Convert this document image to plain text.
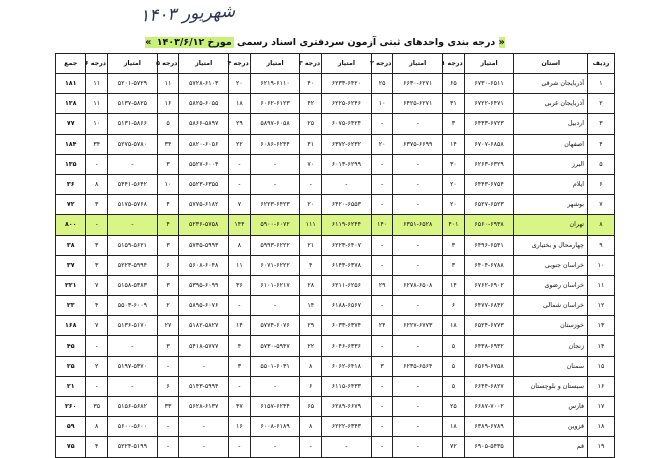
شهریور ۱۴۰۳
« درجه بندی واحدهای ثبتی آزمون سردفتری اسناد رسمی مورخ ۱۴۰۳/۶/۱۲ »
ردیف	استان	امتیاز	درجه ۱	امتیاز	درجه ۲	امتیاز	درجه ۳	امتیاز	درجه ۴	امتیاز	درجه ۵	امتیاز	درجه ۶	جمع
۱	آذربایجان شرقی	۶۷۳۰-۶۵۱۱	۶۵	۶۶۳۰-۶۲۷۱	۲۵	۶۲۳۳-۶۴۲۰	۴۰	۶۲۱۹-۶۱۱۰	۲۰	۵۷۲۸-۶۱۰۳	۱۱	۵۲۰۱-۵۷۲۹	۱۱	۱۸۱
۲	آذربایجان غربی	۶۷۲۲-۶۴۷۱	۳۱	۶۴۲۵-۶۲۷۱	۱۰	۶۲۲۵-۶۲۴۶	۴۲	۶۰۶۲-۶۱۲۳	۱۸	۵۸۲۵-۶۰۵۵	۱۶	۵۱۳۷-۵۸۲۵	۱۱	۱۲۸
۳	اردبیل	۶۴۳۳-۶۷۲۳	۳	-	-	۶۰۷۵-۶۴۲۴	۲۵	۵۸۹۷-۶۰۵۸	۲۹	۵۸۶۶-۵۸۹۷	۵	۵۱۳۱-۵۸۶۶	۱۰	۷۷
۴	اصفهان	۶۷۰۷-۶۸۵۸	۱۴	۶۳۷۵-۶۶۹۹	۲۰	۶۳۷۲-۶۲۳۲	۴۱	۶۰۸۶-۶۲۴۴	۲۲	۵۸۲۰-۶۰۵۶	۳۴	۵۲۷۵-۵۷۸۰	۳۴	۱۸۴
۵	البرز	۶۲۶۳-۶۳۲۹	۳۰	-	-	۶۰۱۳-۶۲۹۹	۷۰	-	-	۵۵۲۷-۶۰۰۴	۳	-	-	۱۳۵
۶	ایلام	۶۴۴۳-۶۷۵۴	۲۰	-	-	-	-	-	-	۵۵۲۳-۶۳۵۵	۱۰	۵۴۴۱-۵۶۴۲	۸	۳۶
۷	بوشهر	۶۵۲۷-۶۵۲۳	۲۰	-	-	۶۴۲۰-۶۵۵۳	۲۰	۶۲۲۳-۶۴۲۳	۷	۵۷۷۵-۶۱۸۲	۴	۵۱۷۵-۵۷۶۸	۳	۷۲
۸	تهران	۶۵۶۰-۶۹۳۸	۴۰۱	۶۳۵۱-۶۵۲۸	۱۴۰	۶۱۱۹-۶۲۴۴	۱۱۱	۵۹۰۰-۶۰۷۲	۱۴۴	۵۲۳۶-۵۷۵۸	۴	-	-	۸۰۰
۹	چهارمحال و بختیاری	۶۴۹۶-۶۵۴۱	۳	-	-	۶۲۲۳-۶۴۰۷	۲۱	۵۹۹۳-۶۲۲۲	۸	۵۷۳۵-۵۹۹۳	۳	۵۱۵۹-۵۶۲۱	۳	۳۸
۱۰	خراسان جنوبی	۶۴۰۴-۶۷۸۸	۳	-	-	۶۱۴۳-۶۳۷۸	۴	۶۰۷۱-۶۲۲۲	۱۱	۵۶۰۸-۶۰۴۸	۶	۵۲۲۳-۵۹۹۴	۳	۳۷
۱۱	خراسان رضوی	۶۷۶۲-۶۹۰۲	۱۴	۶۲۷۸-۶۵۰۸	۲۹	۶۲۱۱-۶۲۵۶	۲۸	۶۱۰۱-۶۲۱۷	۳۶	۵۳۹۵-۶۰۹۹	۳	۵۱۵۸-۵۳۸۳	۷	۲۲۱
۱۲	خراسان شمالی	۶۴۷۷-۶۸۴۲	۶	-	-	۶۱۸۸-۶۵۶۷	۱۴	-	-	۵۸۹۵-۶۰۷۶	۲	۵۵۰۳-۶۰۰۹	۴	۲۳
۱۳	خوزستان	۶۵۲۴-۶۷۷۳	۱۸	۶۲۲۷-۶۷۷۳	۲۴	۶۰۳۳-۶۳۷۴	۲۹	۵۷۷۴-۶۰۷۶	۱۴	۵۱۸۲-۵۸۲۷	۲۷	۵۱۳۶-۵۱۷۰	۷	۱۶۸
۱۴	زنجان	۶۴۳۸-۶۹۳۲	۵	-	-	۶۰۴۶-۶۳۳۶	۲۲	۵۷۳۰-۵۹۴۷	۴	۵۴۱۸-۵۷۷۷	۳	-	-	۴۵
۱۵	سمنان	۶۵۶۹-۶۷۵۸	۵	۶۲۳۵-۶۵۶۴	۳	۶۰۶۲-۶۴۱۸	۸	۵۵۰۱-۶۰۳۱	۳	-	-	۵۱۹۷-۵۳۷۰	۲	۲۵
۱۶	سیستان و بلوچستان	۶۶۴۴-۶۸۲۷	۵	-	-	۶۱۱۵-۶۴۳۳	۶	-	-	۵۱۴۳-۵۹۹۴	۶	-	-	۲۱
۱۷	فارس	۶۶۸۷-۷۰۰۲	۲۵	-	-	۶۲۸۹-۶۶۷۹	۶۵	۶۱۵۷-۶۲۴۴	۴۷	۵۶۲۸-۶۱۳۷	۳۳	۵۱۵۶-۵۶۸۲	۳۵	۲۶۰
۱۸	قزوین	۶۳۸۹-۶۷۸۹	۱۸	-	-	۶۲۲۲-۶۳۴۳	۸	۶۰۰۸-۶۱۸۹	۱۶	-	-	۵۶۰۰-۵۶۰۰	۸	۵۹
۱۹	قم	۶۹۰۵-۵۴۳۵	۷۲	-	-	-	-	-	-	-	-	۵۲۲۴-۵۱۹۹	۴	۷۵
